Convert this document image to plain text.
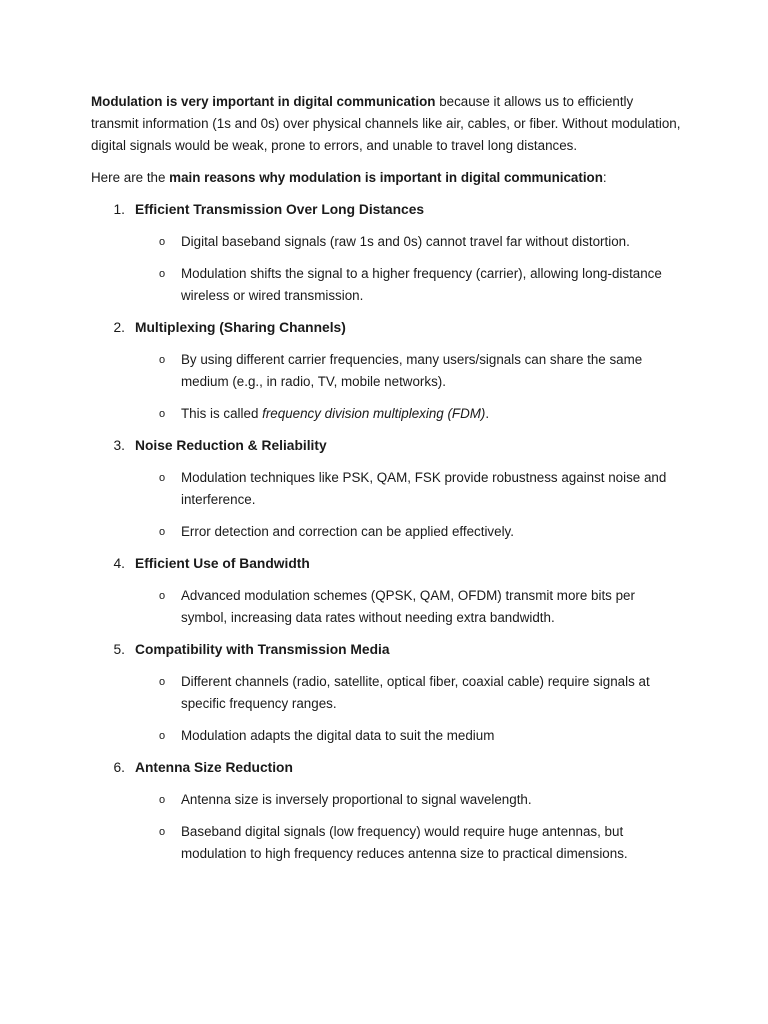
Modulation is very important in digital communication because it allows us to efficiently transmit information (1s and 0s) over physical channels like air, cables, or fiber. Without modulation, digital signals would be weak, prone to errors, and unable to travel long distances.

Here are the main reasons why modulation is important in digital communication:

1. Efficient Transmission Over Long Distances
o Digital baseband signals (raw 1s and 0s) cannot travel far without distortion.
o Modulation shifts the signal to a higher frequency (carrier), allowing long-distance wireless or wired transmission.
2. Multiplexing (Sharing Channels)
o By using different carrier frequencies, many users/signals can share the same medium (e.g., in radio, TV, mobile networks).
o This is called frequency division multiplexing (FDM).
3. Noise Reduction & Reliability
o Modulation techniques like PSK, QAM, FSK provide robustness against noise and interference.
o Error detection and correction can be applied effectively.
4. Efficient Use of Bandwidth
o Advanced modulation schemes (QPSK, QAM, OFDM) transmit more bits per symbol, increasing data rates without needing extra bandwidth.
5. Compatibility with Transmission Media
o Different channels (radio, satellite, optical fiber, coaxial cable) require signals at specific frequency ranges.
o Modulation adapts the digital data to suit the medium
6. Antenna Size Reduction
o Antenna size is inversely proportional to signal wavelength.
o Baseband digital signals (low frequency) would require huge antennas, but modulation to high frequency reduces antenna size to practical dimensions.
